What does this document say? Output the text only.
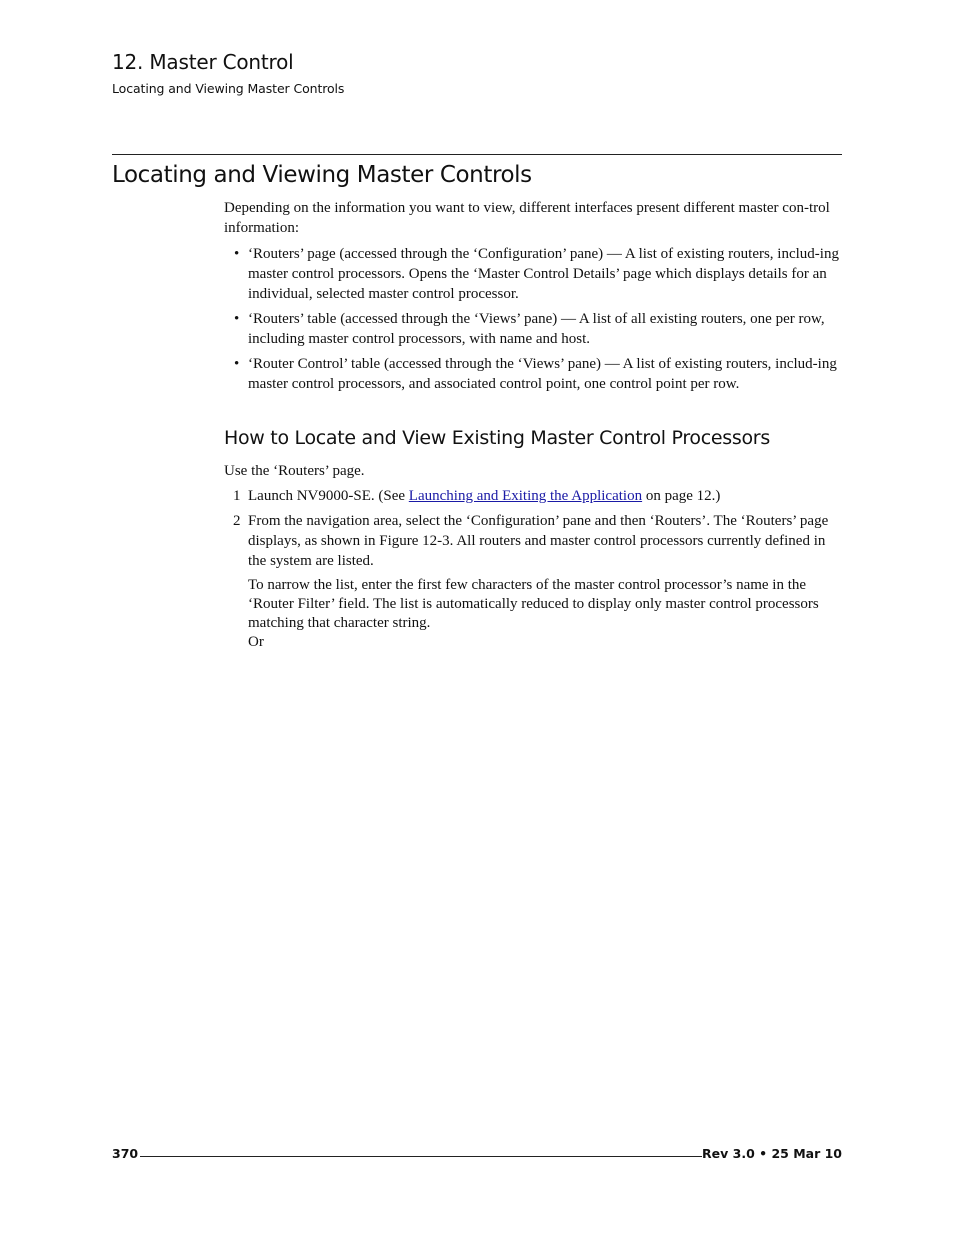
12. Master Control
Locating and Viewing Master Controls
Locating and Viewing Master Controls

Depending on the information you want to view, different interfaces present different master con-trol information:

• ‘Routers’ page (accessed through the ‘Configuration’ pane) — A list of existing routers, includ-ing master control processors. Opens the ‘Master Control Details’ page which displays details for an individual, selected master control processor.
• ‘Routers’ table (accessed through the ‘Views’ pane) — A list of all existing routers, one per row, including master control processors, with name and host.
• ‘Router Control’ table (accessed through the ‘Views’ pane) — A list of existing routers, includ-ing master control processors, and associated control point, one control point per row.
How to Locate and View Existing Master Control Processors

Use the ‘Routers’ page.

1 Launch NV9000-SE. (See Launching and Exiting the Application on page 12.)
2 From the navigation area, select the ‘Configuration’ pane and then ‘Routers’. The ‘Routers’ page displays, as shown in Figure 12-3. All routers and master control processors currently defined in the system are listed.

To narrow the list, enter the first few characters of the master control processor’s name in the ‘Router Filter’ field. The list is automatically reduced to display only master control processors matching that character string.

Or

370	Rev 3.0 • 25 Mar 10
